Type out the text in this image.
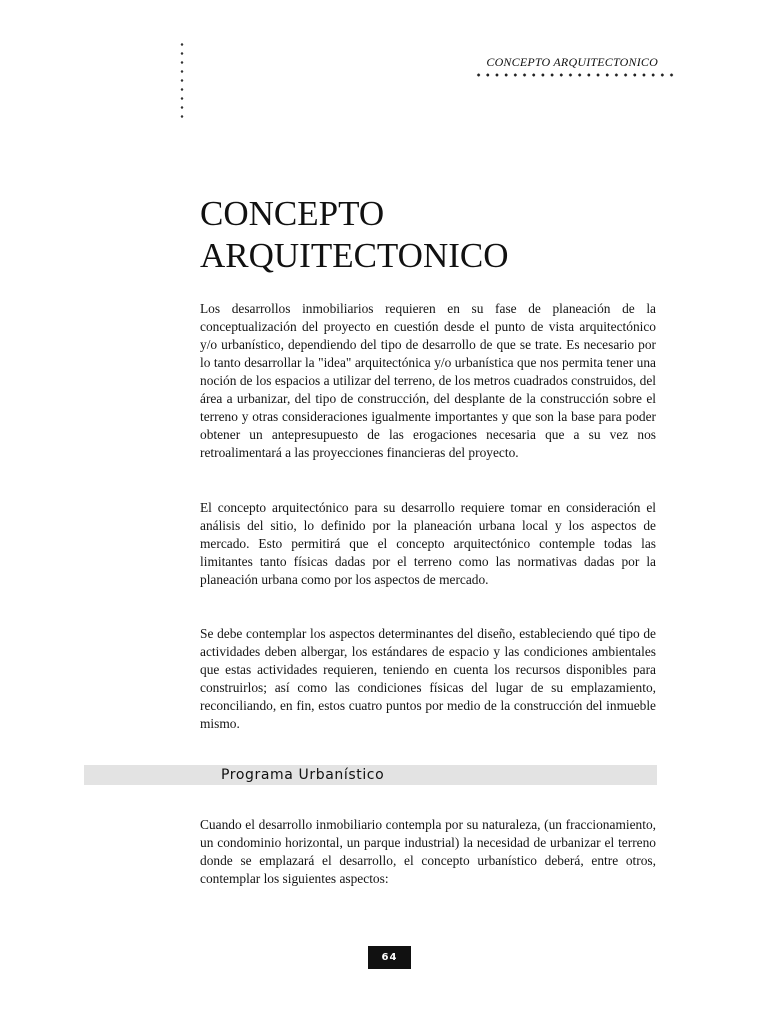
CONCEPTO ARQUITECTONICO
CONCEPTO
ARQUITECTONICO

Los desarrollos inmobiliarios requieren en su fase de planeación de la conceptualización del proyecto en cuestión desde el punto de vista arquitectónico y/o urbanístico, dependiendo del tipo de desarrollo de que se trate. Es necesario por lo tanto desarrollar la "idea" arquitectónica y/o urbanística que nos permita tener una noción de los espacios a utilizar del terreno, de los metros cuadrados construidos, del área a urbanizar, del tipo de construcción, del desplante de la construcción sobre el terreno y otras consideraciones igualmente importantes y que son la base para poder obtener un antepresupuesto de las erogaciones necesaria que a su vez nos retroalimentará a las proyecciones financieras del proyecto.

El concepto arquitectónico para su desarrollo requiere tomar en consideración el análisis del sitio, lo definido por la planeación urbana local y los aspectos de mercado. Esto permitirá que el concepto arquitectónico contemple todas las limitantes tanto físicas dadas por el terreno como las normativas dadas por la planeación urbana como por los aspectos de mercado.

Se debe contemplar los aspectos determinantes del diseño, estableciendo qué tipo de actividades deben albergar, los estándares de espacio y las condiciones ambientales que estas actividades requieren, teniendo en cuenta los recursos disponibles para construirlos; así como las condiciones físicas del lugar de su emplazamiento, reconciliando, en fin, estos cuatro puntos por medio de la construcción del inmueble mismo.

Programa Urbanístico

Cuando el desarrollo inmobiliario contempla por su naturaleza, (un fraccionamiento, un condominio horizontal, un parque industrial) la necesidad de urbanizar el terreno donde se emplazará el desarrollo, el concepto urbanístico deberá, entre otros, contemplar los siguientes aspectos:

64
